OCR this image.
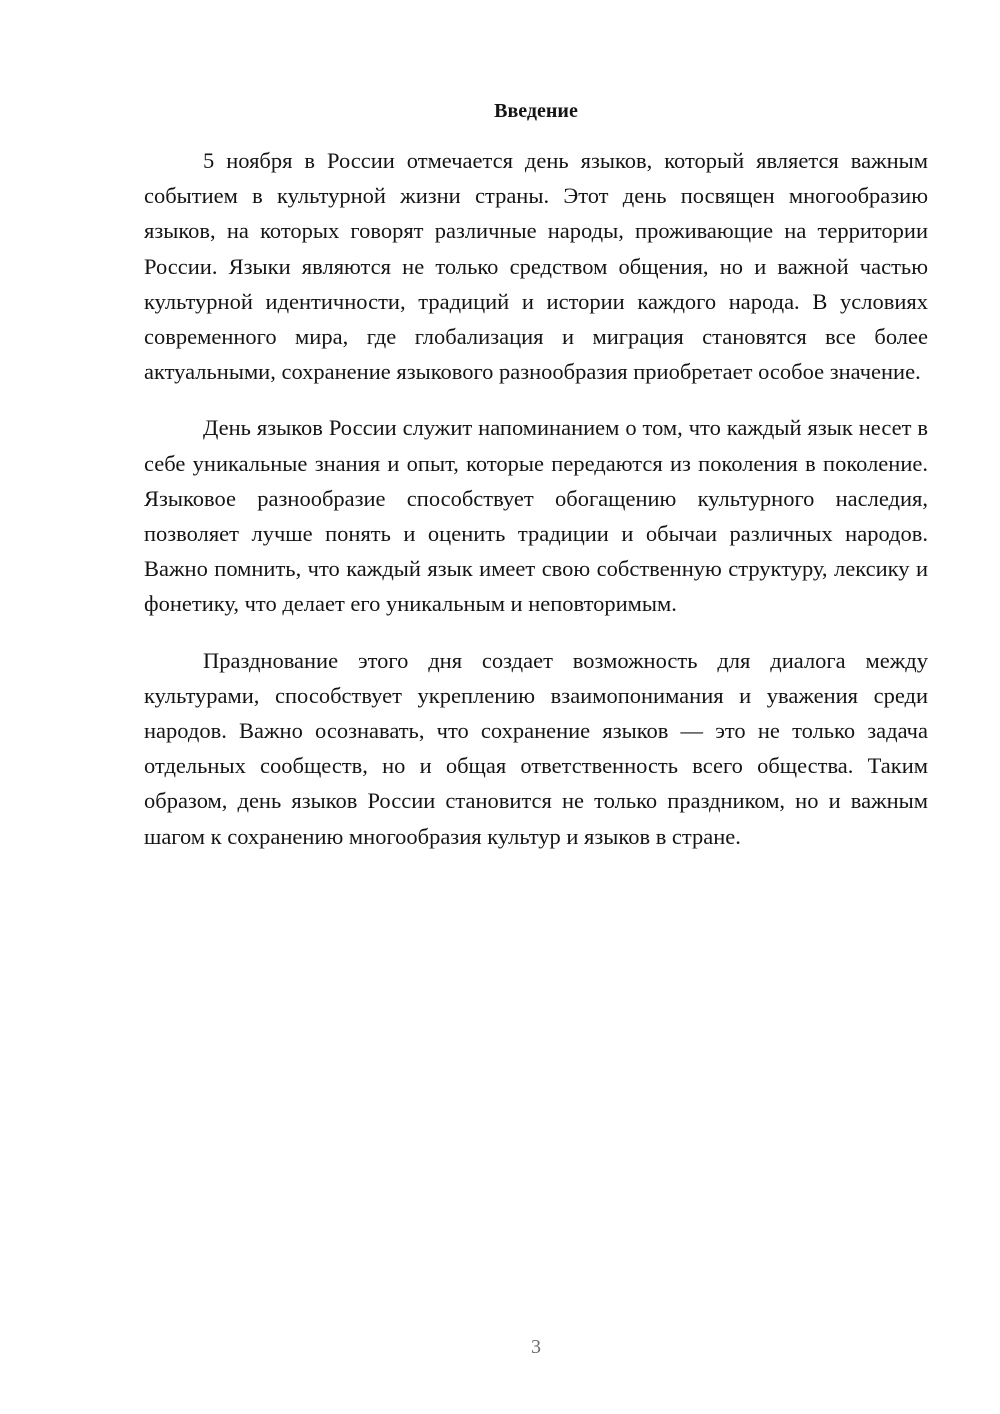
Введение

5 ноября в России отмечается день языков, который является важным событием в культурной жизни страны. Этот день посвящен многообразию языков, на которых говорят различные народы, проживающие на территории России. Языки являются не только средством общения, но и важной частью культурной идентичности, традиций и истории каждого народа. В условиях современного мира, где глобализация и миграция становятся все более актуальными, сохранение языкового разнообразия приобретает особое значение.

День языков России служит напоминанием о том, что каждый язык несет в себе уникальные знания и опыт, которые передаются из поколения в поколение. Языковое разнообразие способствует обогащению культурного наследия, позволяет лучше понять и оценить традиции и обычаи различных народов. Важно помнить, что каждый язык имеет свою собственную структуру, лексику и фонетику, что делает его уникальным и неповторимым.

Празднование этого дня создает возможность для диалога между культурами, способствует укреплению взаимопонимания и уважения среди народов. Важно осознавать, что сохранение языков — это не только задача отдельных сообществ, но и общая ответственность всего общества. Таким образом, день языков России становится не только праздником, но и важным шагом к сохранению многообразия культур и языков в стране.

3
